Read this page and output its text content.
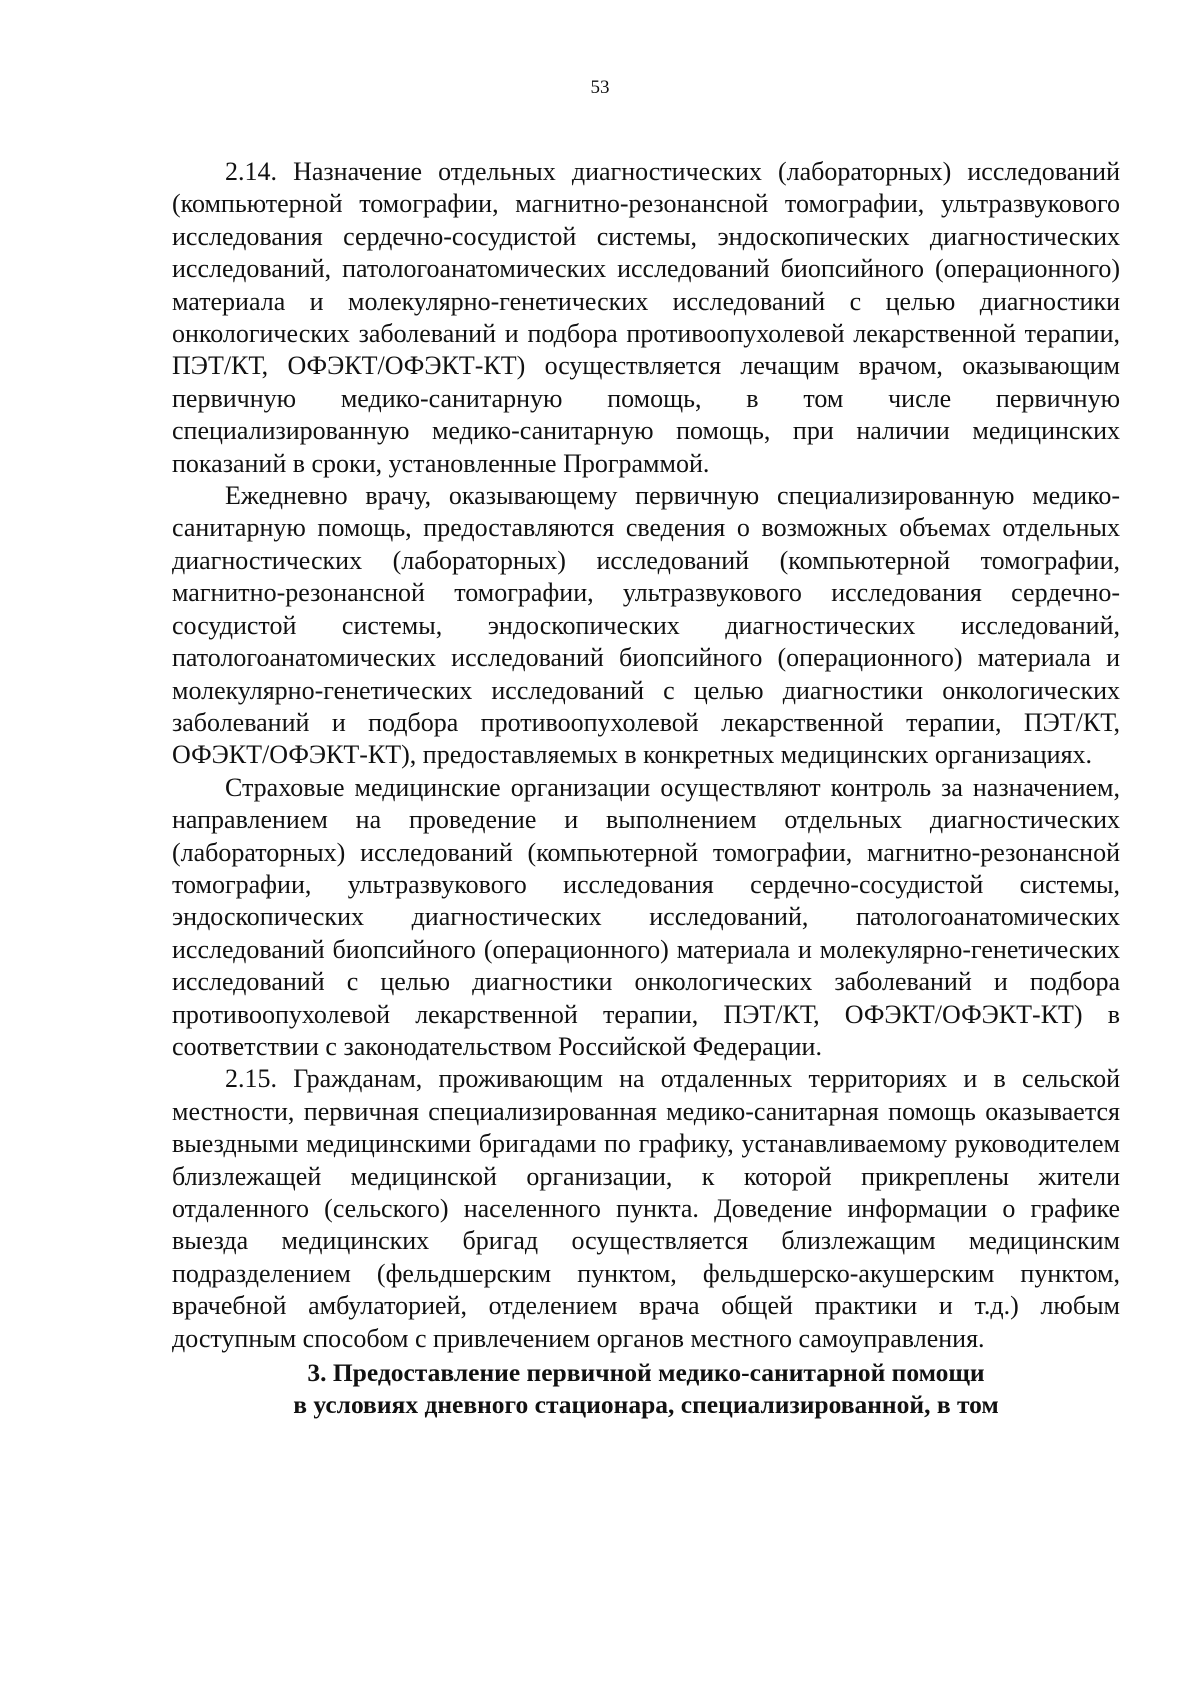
53

2.14. Назначение отдельных диагностических (лабораторных) исследований (компьютерной томографии, магнитно-резонансной томографии, ультразвукового исследования сердечно-сосудистой системы, эндоскопических диагностических исследований, патологоанатомических исследований биопсийного (операционного) материала и молекулярно-генетических исследований с целью диагностики онкологических заболеваний и подбора противоопухолевой лекарственной терапии, ПЭТ/КТ, ОФЭКТ/ОФЭКТ-КТ) осуществляется лечащим врачом, оказывающим первичную медико-санитарную помощь, в том числе первичную специализированную медико-санитарную помощь, при наличии медицинских показаний в сроки, установленные Программой.

Ежедневно врачу, оказывающему первичную специализированную медико-санитарную помощь, предоставляются сведения о возможных объемах отдельных диагностических (лабораторных) исследований (компьютерной томографии, магнитно-резонансной томографии, ультразвукового исследования сердечно-сосудистой системы, эндоскопических диагностических исследований, патологоанатомических исследований биопсийного (операционного) материала и молекулярно-генетических исследований с целью диагностики онкологических заболеваний и подбора противоопухолевой лекарственной терапии, ПЭТ/КТ, ОФЭКТ/ОФЭКТ-КТ), предоставляемых в конкретных медицинских организациях.

Страховые медицинские организации осуществляют контроль за назначением, направлением на проведение и выполнением отдельных диагностических (лабораторных) исследований (компьютерной томографии, магнитно-резонансной томографии, ультразвукового исследования сердечно-сосудистой системы, эндоскопических диагностических исследований, патологоанатомических исследований биопсийного (операционного) материала и молекулярно-генетических исследований с целью диагностики онкологических заболеваний и подбора противоопухолевой лекарственной терапии, ПЭТ/КТ, ОФЭКТ/ОФЭКТ-КТ) в соответствии с законодательством Российской Федерации.

2.15. Гражданам, проживающим на отдаленных территориях и в сельской местности, первичная специализированная медико-санитарная помощь оказывается выездными медицинскими бригадами по графику, устанавливаемому руководителем близлежащей медицинской организации, к которой прикреплены жители отдаленного (сельского) населенного пункта. Доведение информации о графике выезда медицинских бригад осуществляется близлежащим медицинским подразделением (фельдшерским пунктом, фельдшерско-акушерским пунктом, врачебной амбулаторией, отделением врача общей практики и т.д.) любым доступным способом с привлечением органов местного самоуправления.

3. Предоставление первичной медико-санитарной помощи
в условиях дневного стационара, специализированной, в том
